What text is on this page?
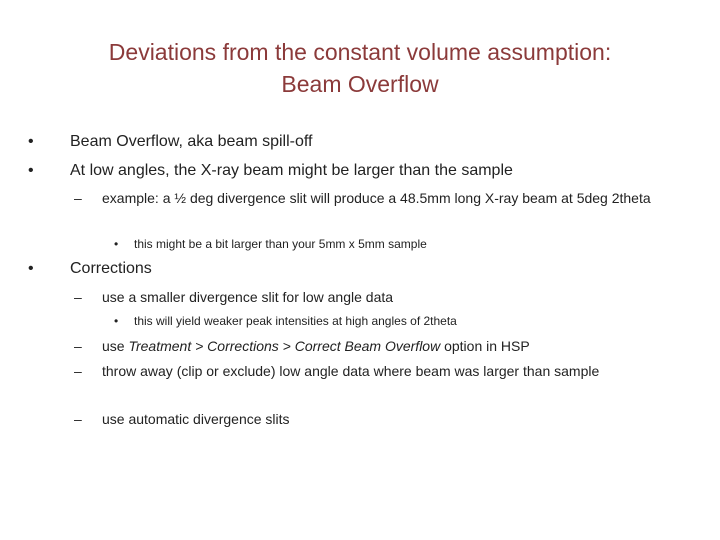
Deviations from the constant volume assumption:
Beam Overflow
• Beam Overflow, aka beam spill-off
• At low angles, the X-ray beam might be larger than the sample
– example: a ½ deg divergence slit will produce a 48.5mm long X-ray beam at 5deg 2theta
• this might be a bit larger than your 5mm x 5mm sample
• Corrections
– use a smaller divergence slit for low angle data
• this will yield weaker peak intensities at high angles of 2theta
– use Treatment > Corrections > Correct Beam Overflow option in HSP
– throw away (clip or exclude) low angle data where beam was larger than sample
– use automatic divergence slits
